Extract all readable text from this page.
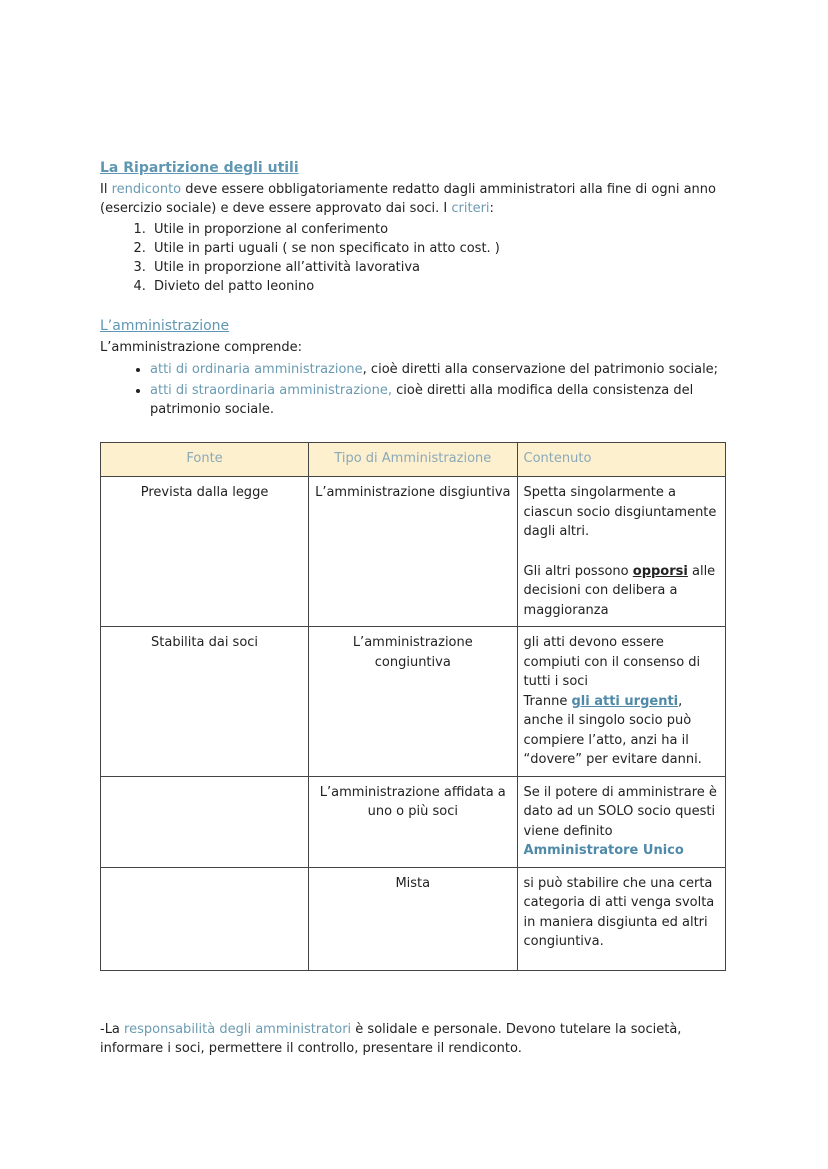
La Ripartizione degli utili
Il rendiconto deve essere obbligatoriamente redatto dagli amministratori alla fine di ogni anno (esercizio sociale) e deve essere approvato dai soci. I criteri:
1. Utile in proporzione al conferimento
2. Utile in parti uguali ( se non specificato in atto cost. )
3. Utile in proporzione all’attività lavorativa
4. Divieto del patto leonino
L’amministrazione
L’amministrazione comprende:
• atti di ordinaria amministrazione, cioè diretti alla conservazione del patrimonio sociale;
• atti di straordinaria amministrazione, cioè diretti alla modifica della consistenza del patrimonio sociale.
Fonte	Tipo di Amministrazione	Contenuto
Prevista dalla legge	L’amministrazione disgiuntiva	Spetta singolarmente a ciascun socio disgiuntamente dagli altri.
Gli altri possono opporsi alle decisioni con delibera a maggioranza

Stabilita dai soci	L’amministrazione congiuntiva	gli atti devono essere compiuti con il consenso di tutti i soci
Tranne gli atti urgenti, anche il singolo socio può compiere l’atto, anzi ha il “dovere” per evitare danni.

	L’amministrazione affidata a uno o più soci	Se il potere di amministrare è dato ad un SOLO socio questi viene definito Amministratore Unico
	Mista	si può stabilire che una certa categoria di atti venga svolta in maniera disgiunta ed altri congiuntiva.
-La responsabilità degli amministratori è solidale e personale. Devono tutelare la società, informare i soci, permettere il controllo, presentare il rendiconto.
